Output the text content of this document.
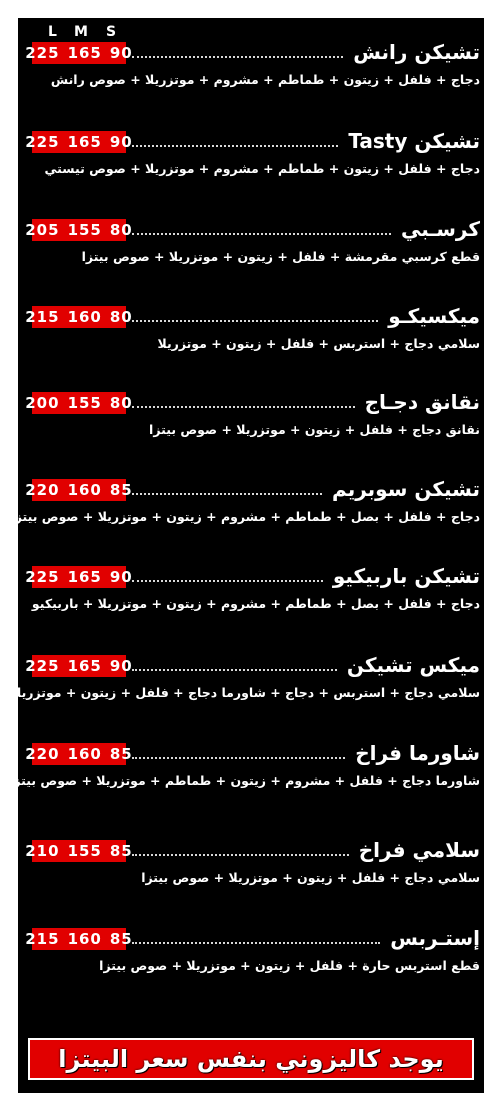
L M S
225 165 90	تشيكن رانش
دجاج + فلفل + زيتون + طماطم + مشروم + موتزريلا + صوص رانش
225 165 90	تشيكن Tasty
دجاج + فلفل + زيتون + طماطم + مشروم + موتزريلا + صوص تيستي
205 155 80	كرسـبي
قطع كرسبي مقرمشة + فلفل + زيتون + موتزريلا + صوص بيتزا
215 160 80	ميكسيكـو
سلامي دجاج + استربس + فلفل + زيتون + موتزريلا
200 155 80	نقانق دجـاج
نقانق دجاج + فلفل + زيتون + موتزريلا + صوص بيتزا
220 160 85	تشيكن سوبريم
دجاج + فلفل + بصل + طماطم + مشروم + زيتون + موتزريلا + صوص بيتزا
225 165 90	تشيكن باربيكيو
دجاج + فلفل + بصل + طماطم + مشروم + زيتون + موتزريلا + باربيكيو
225 165 90	ميكس تشيكن
سلامي دجاج + استربس + دجاج + شاورما دجاج + فلفل + زيتون + موتزريلا
220 160 85	شاورما فراخ
شاورما دجاج + فلفل + مشروم + زيتون + طماطم + موتزريلا + صوص بيتزا
210 155 85	سلامي فراخ
سلامي دجاج + فلفل + زيتون + موتزريلا + صوص بيتزا
215 160 85	إستـربس
قطع استربس حارة + فلفل + زيتون + موتزريلا + صوص بيتزا
يوجد كاليزوني بنفس سعر البيتزا
